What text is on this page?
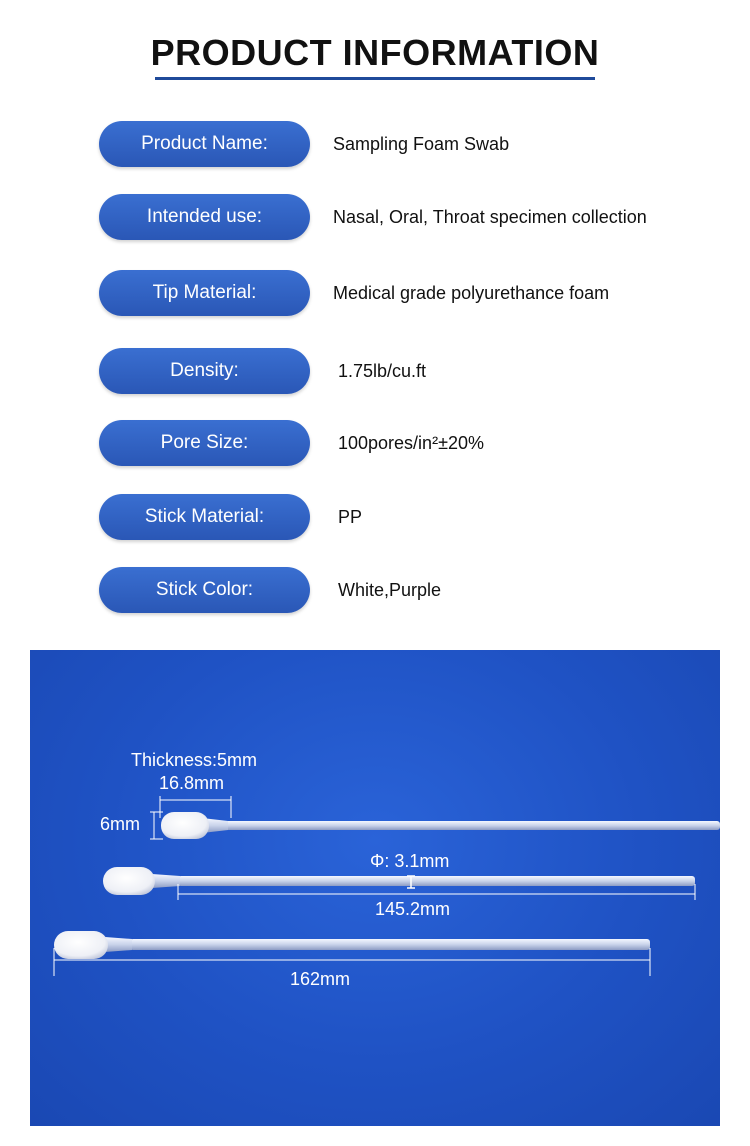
PRODUCT INFORMATION
Product Name:	Sampling Foam Swab
Intended use:	Nasal, Oral, Throat specimen collection
Tip Material:	Medical grade polyurethance foam
Density:	1.75lb/cu.ft
Pore Size:	100pores/in²±20%
Stick Material:	PP
Stick Color:	White,Purple
Thickness:5mm
16.8mm
6mm
Φ: 3.1mm
145.2mm
162mm
